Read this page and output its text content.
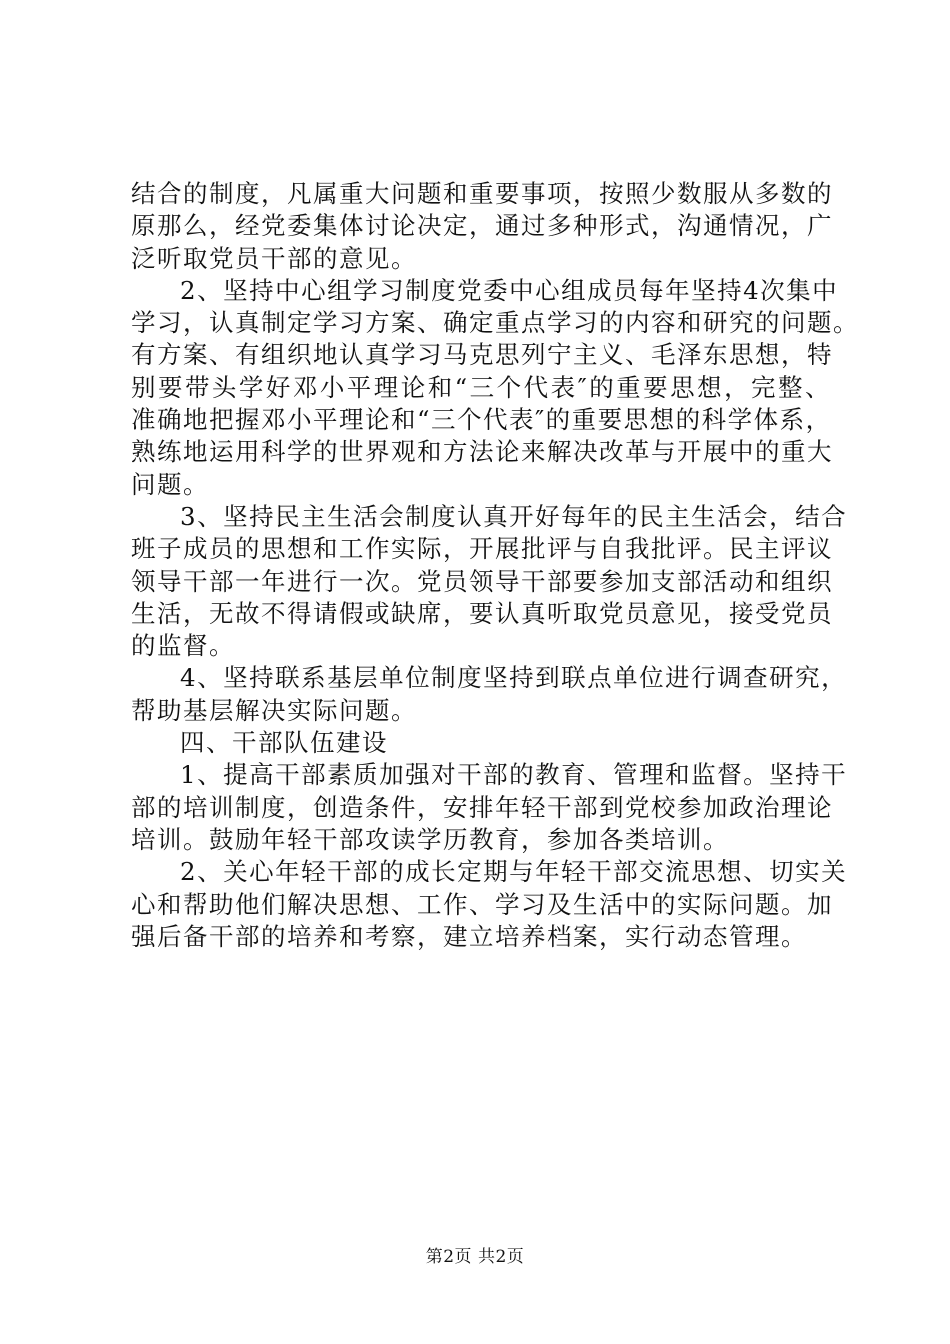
结合的制度，凡属重大问题和重要事项，按照少数服从多数的
原那么，经党委集体讨论决定，通过多种形式，沟通情况，广
泛听取党员干部的意见。
2、坚持中心组学习制度党委中心组成员每年坚持4次集中
学习，认真制定学习方案、确定重点学习的内容和研究的问题。
有方案、有组织地认真学习马克思列宁主义、毛泽东思想，特
别要带头学好邓小平理论和“三个代表″的重要思想，完整、
准确地把握邓小平理论和“三个代表″的重要思想的科学体系，
熟练地运用科学的世界观和方法论来解决改革与开展中的重大
问题。
3、坚持民主生活会制度认真开好每年的民主生活会，结合
班子成员的思想和工作实际，开展批评与自我批评。民主评议
领导干部一年进行一次。党员领导干部要参加支部活动和组织
生活，无故不得请假或缺席，要认真听取党员意见，接受党员
的监督。
4、坚持联系基层单位制度坚持到联点单位进行调查研究，
帮助基层解决实际问题。
四、干部队伍建设
1、提高干部素质加强对干部的教育、管理和监督。坚持干
部的培训制度，创造条件，安排年轻干部到党校参加政治理论
培训。鼓励年轻干部攻读学历教育，参加各类培训。
2、关心年轻干部的成长定期与年轻干部交流思想、切实关
心和帮助他们解决思想、工作、学习及生活中的实际问题。加
强后备干部的培养和考察，建立培养档案，实行动态管理。
第2页 共2页
